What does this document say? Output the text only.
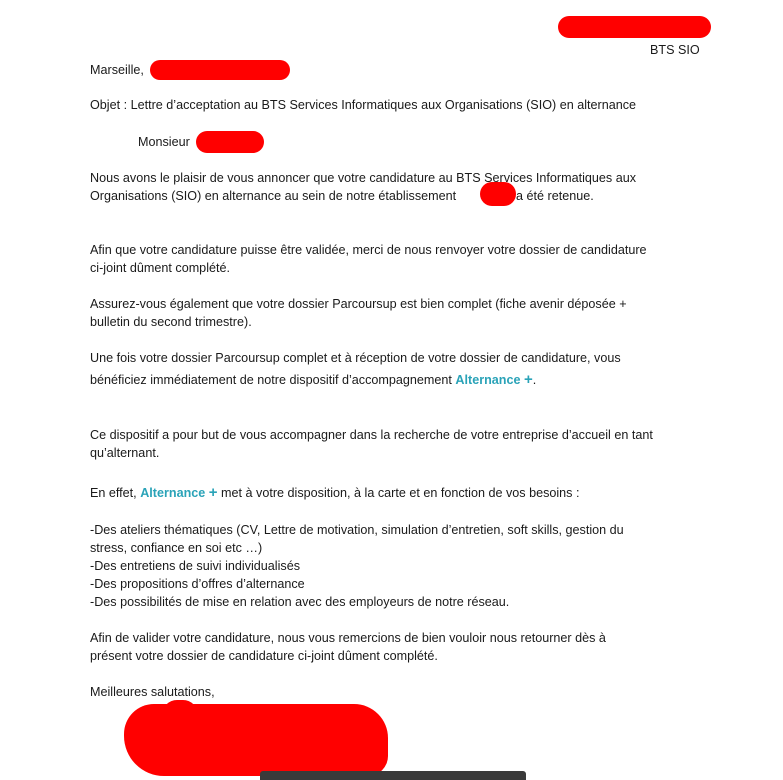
BTS SIO
Marseille,
Objet : Lettre d’acceptation au BTS Services Informatiques aux Organisations (SIO) en alternance
Monsieur
Nous avons le plaisir de vous annoncer que votre candidature au BTS Services Informatiques aux
Organisations (SIO) en alternance au sein de notre établissement	a été retenue.
Afin que votre candidature puisse être validée, merci de nous renvoyer votre dossier de candidature
ci-joint dûment complété.
Assurez-vous également que votre dossier Parcoursup est bien complet (fiche avenir déposée +
bulletin du second trimestre).
Une fois votre dossier Parcoursup complet et à réception de votre dossier de candidature, vous
bénéficiez immédiatement de notre dispositif d’accompagnement Alternance +.
Ce dispositif a pour but de vous accompagner dans la recherche de votre entreprise d’accueil en tant
qu’alternant.
En effet, Alternance + met à votre disposition, à la carte et en fonction de vos besoins :
-Des ateliers thématiques (CV, Lettre de motivation, simulation d’entretien, soft skills, gestion du
stress, confiance en soi etc …)
-Des entretiens de suivi individualisés
-Des propositions d’offres d’alternance
-Des possibilités de mise en relation avec des employeurs de notre réseau.
Afin de valider votre candidature, nous vous remercions de bien vouloir nous retourner dès à
présent votre dossier de candidature ci-joint dûment complété.
Meilleures salutations,
